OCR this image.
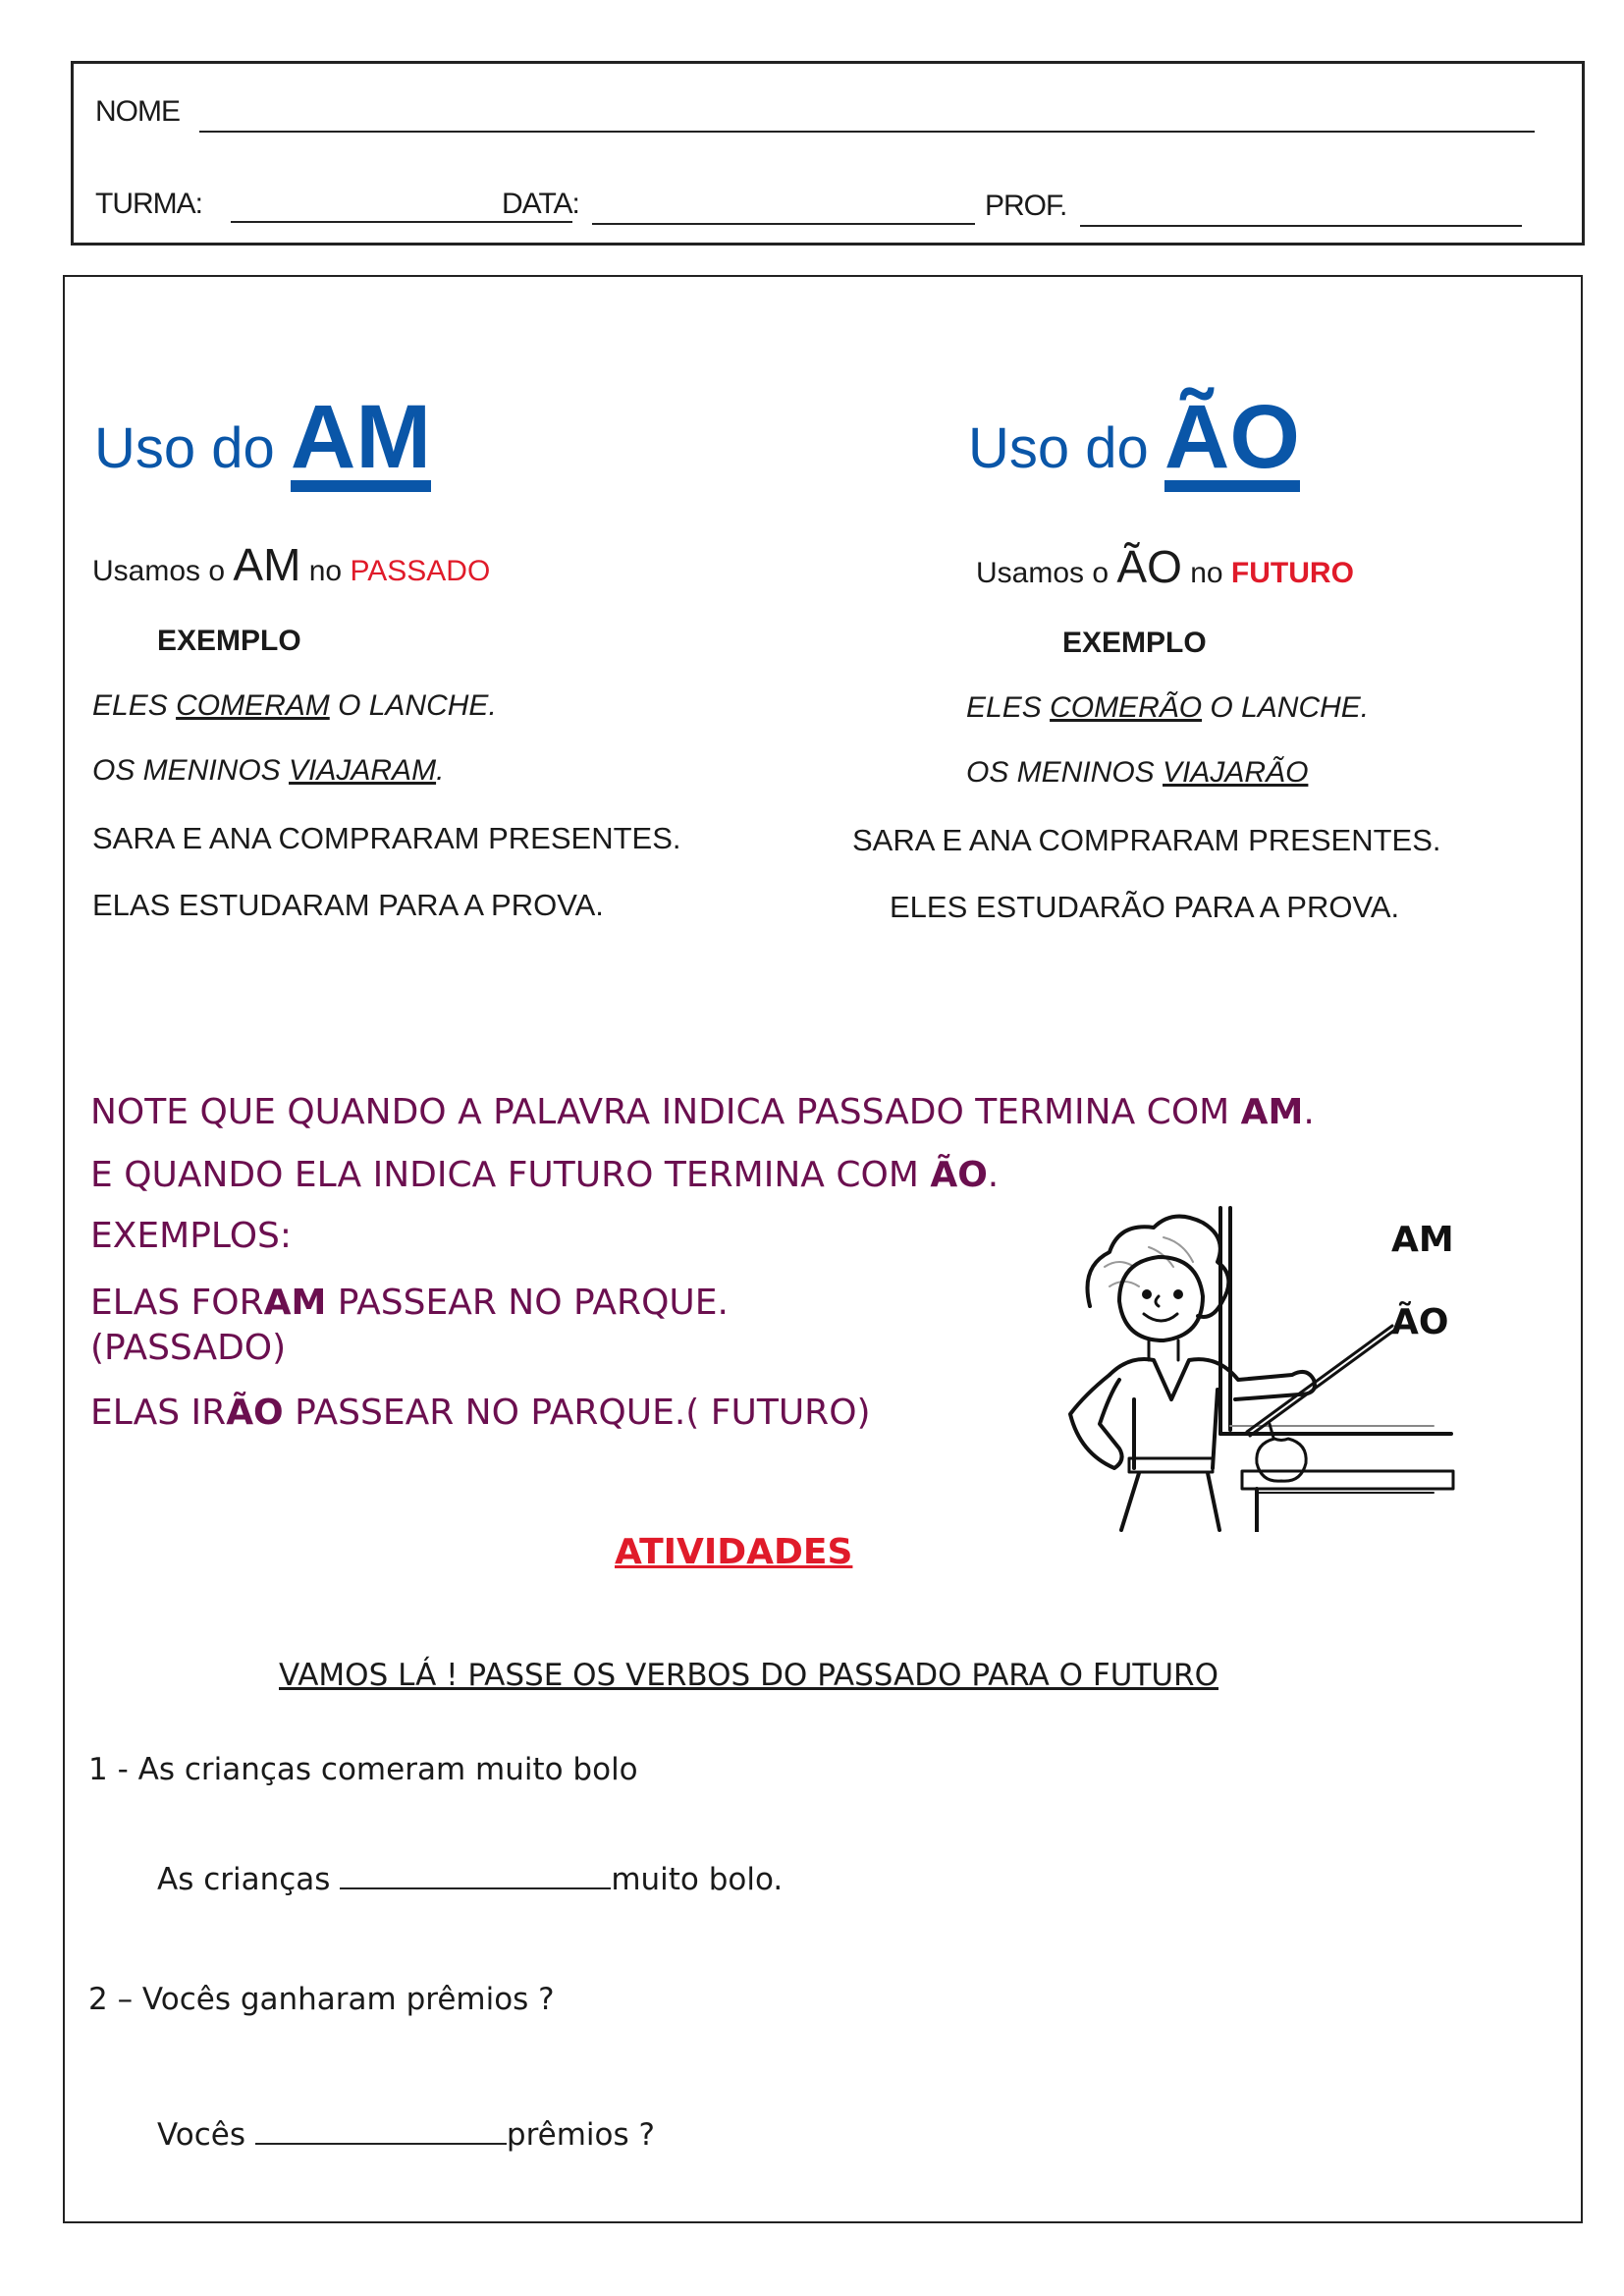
NOME
TURMA:	DATA:	PROF.
Uso do AM
Usamos o AM no PASSADO
EXEMPLO
ELES COMERAM O LANCHE.
OS MENINOS VIAJARAM.
SARA E ANA COMPRARAM PRESENTES.
ELAS ESTUDARAM PARA A PROVA.
Uso do ÃO
Usamos o ÃO no FUTURO
EXEMPLO
ELES COMERÃO O LANCHE.
OS MENINOS VIAJARÃO
SARA E ANA COMPRARAM PRESENTES.
ELES ESTUDARÃO PARA A PROVA.
NOTE QUE QUANDO A PALAVRA INDICA PASSADO TERMINA COM AM.
E QUANDO ELA INDICA FUTURO TERMINA COM ÃO.
EXEMPLOS:
ELAS FORAM PASSEAR NO PARQUE.
(PASSADO)
ELAS IRÃO PASSEAR NO PARQUE.( FUTURO)
AM
ÃO
ATIVIDADES
VAMOS LÁ ! PASSE OS VERBOS DO PASSADO PARA O FUTURO
1 - As crianças comeram muito bolo
As crianças	muito bolo.
2 – Vocês ganharam prêmios ?
Vocês	prêmios ?
